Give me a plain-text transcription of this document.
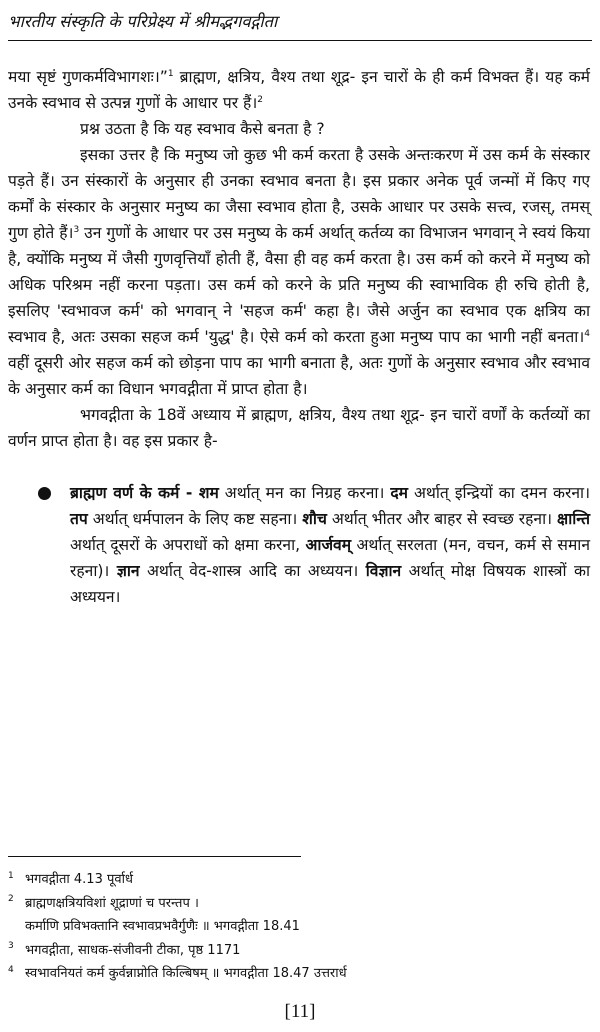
भारतीय संस्कृति के परिप्रेक्ष्य में श्रीमद्भगवद्गीता

मया सृष्टं गुणकर्मविभागशः।”$^1$ ब्राह्मण, क्षत्रिय, वैश्य तथा शूद्र- इन चारों के ही कर्म विभक्त हैं। यह कर्म उनके स्वभाव से उत्पन्न गुणों के आधार पर हैं।$^2$

प्रश्न उठता है कि यह स्वभाव कैसे बनता है ?

इसका उत्तर है कि मनुष्य जो कुछ भी कर्म करता है उसके अन्तःकरण में उस कर्म के संस्कार पड़ते हैं। उन संस्कारों के अनुसार ही उनका स्वभाव बनता है। इस प्रकार अनेक पूर्व जन्मों में किए गए कर्मों के संस्कार के अनुसार मनुष्य का जैसा स्वभाव होता है, उसके आधार पर उसके सत्त्व, रजस्, तमस् गुण होते हैं।$^3$ उन गुणों के आधार पर उस मनुष्य के कर्म अर्थात् कर्तव्य का विभाजन भगवान् ने स्वयं किया है, क्योंकि मनुष्य में जैसी गुणवृत्तियाँ होती हैं, वैसा ही वह कर्म करता है। उस कर्म को करने में मनुष्य को अधिक परिश्रम नहीं करना पड़ता। उस कर्म को करने के प्रति मनुष्य की स्वाभाविक ही रुचि होती है, इसलिए 'स्वभावज कर्म' को भगवान् ने 'सहज कर्म' कहा है। जैसे अर्जुन का स्वभाव एक क्षत्रिय का स्वभाव है, अतः उसका सहज कर्म 'युद्ध' है। ऐसे कर्म को करता हुआ मनुष्य पाप का भागी नहीं बनता।$^4$ वहीं दूसरी ओर सहज कर्म को छोड़ना पाप का भागी बनाता है, अतः गुणों के अनुसार स्वभाव और स्वभाव के अनुसार कर्म का विधान भगवद्गीता में प्राप्त होता है।

भगवद्गीता के 18वें अध्याय में ब्राह्मण, क्षत्रिय, वैश्य तथा शूद्र- इन चारों वर्णों के कर्तव्यों का वर्णन प्राप्त होता है। वह इस प्रकार है-

ब्राह्मण वर्ण के कर्म - शम अर्थात् मन का निग्रह करना। दम अर्थात् इन्द्रियों का दमन करना। तप अर्थात् धर्मपालन के लिए कष्ट सहना। शौच अर्थात् भीतर और बाहर से स्वच्छ रहना। क्षान्ति अर्थात् दूसरों के अपराधों को क्षमा करना, आर्जवम् अर्थात् सरलता (मन, वचन, कर्म से समान रहना)। ज्ञान अर्थात् वेद-शास्त्र आदि का अध्ययन। विज्ञान अर्थात् मोक्ष विषयक शास्त्रों का अध्ययन।
1 भगवद्गीता 4.13 पूर्वार्ध
2 ब्राह्मणक्षत्रियविशां शूद्राणां च परन्तप ।
कर्माणि प्रविभक्तानि स्वभावप्रभवैर्गुणैः ॥ भगवद्गीता 18.41
3 भगवद्गीता, साधक-संजीवनी टीका, पृष्ठ 1171
4 स्वभावनियतं कर्म कुर्वन्नाप्नोति किल्बिषम् ॥ भगवद्गीता 18.47 उत्तरार्ध
[11]
